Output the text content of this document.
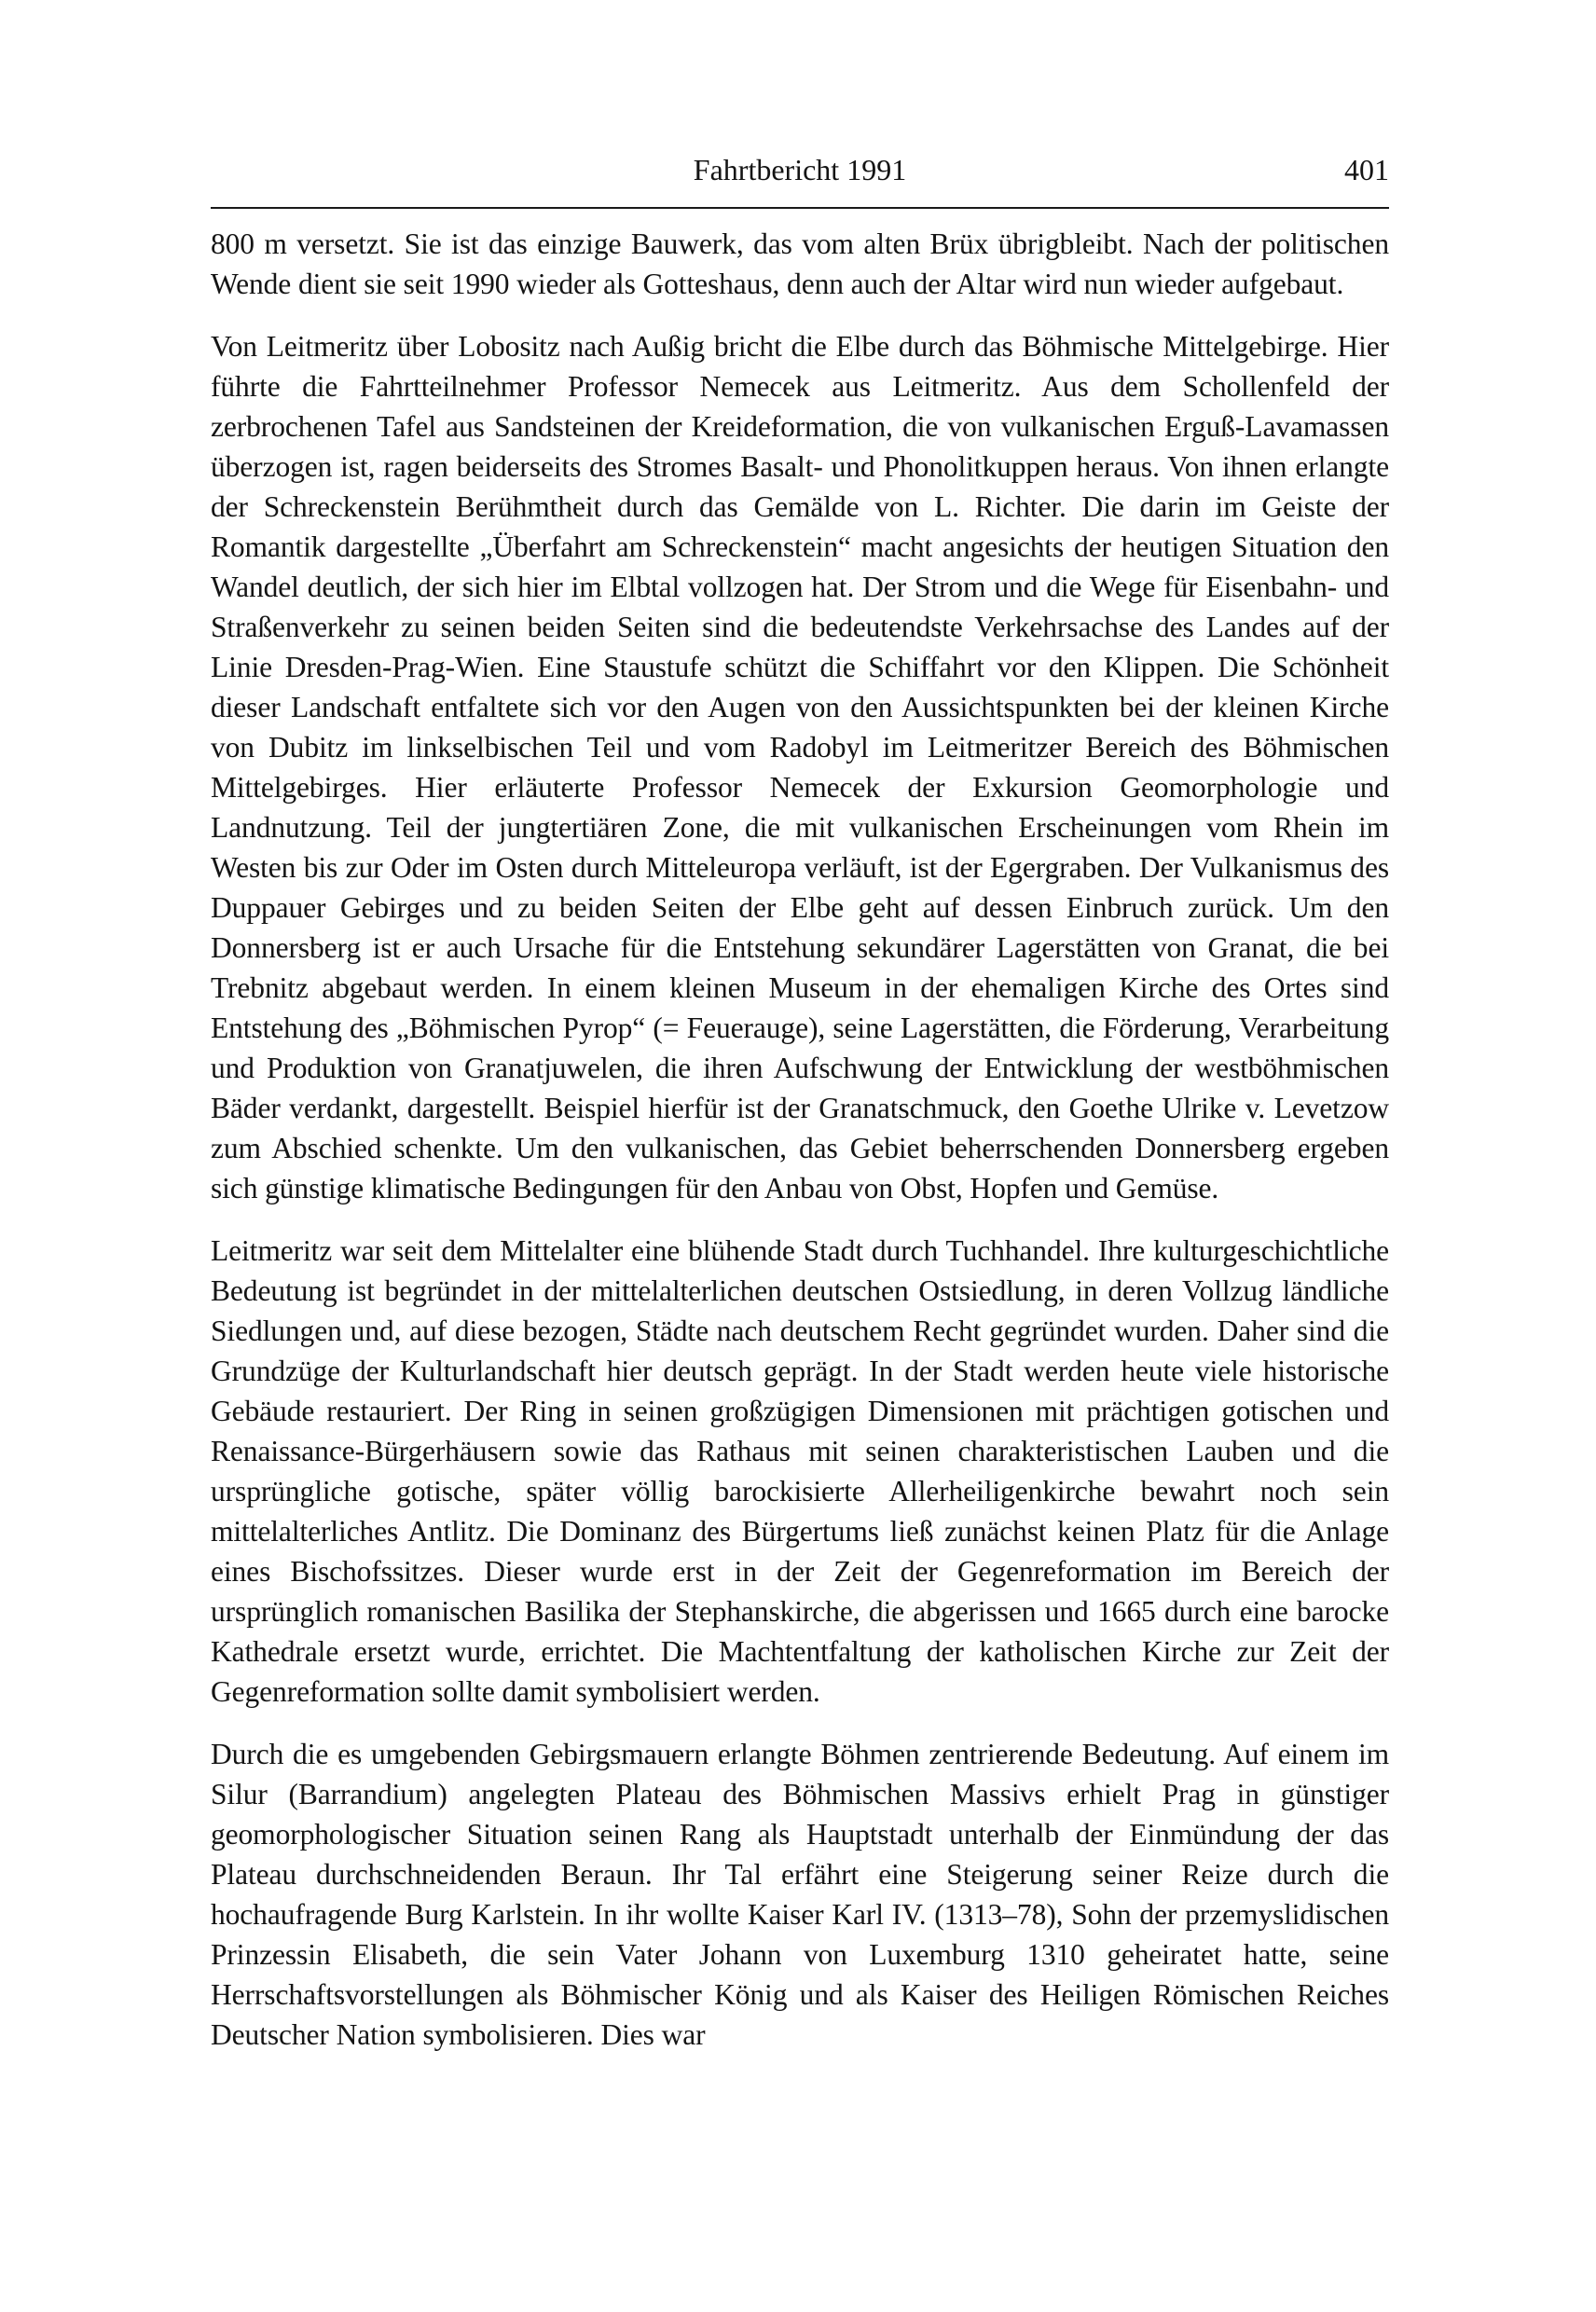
Fahrtbericht 1991	401

800 m versetzt. Sie ist das einzige Bauwerk, das vom alten Brüx übrigbleibt. Nach der politischen Wende dient sie seit 1990 wieder als Gotteshaus, denn auch der Altar wird nun wieder aufgebaut.

Von Leitmeritz über Lobositz nach Außig bricht die Elbe durch das Böhmische Mittelgebirge. Hier führte die Fahrtteilnehmer Professor Nemecek aus Leitmeritz. Aus dem Schollenfeld der zerbrochenen Tafel aus Sandsteinen der Kreideformation, die von vulkanischen Erguß-Lavamassen überzogen ist, ragen beiderseits des Stromes Basalt- und Phonolitkuppen heraus. Von ihnen erlangte der Schreckenstein Berühmtheit durch das Gemälde von L. Richter. Die darin im Geiste der Romantik dargestellte „Überfahrt am Schreckenstein“ macht angesichts der heutigen Situation den Wandel deutlich, der sich hier im Elbtal vollzogen hat. Der Strom und die Wege für Eisenbahn- und Straßenverkehr zu seinen beiden Seiten sind die bedeutendste Verkehrsachse des Landes auf der Linie Dresden-Prag-Wien. Eine Staustufe schützt die Schiffahrt vor den Klippen. Die Schönheit dieser Landschaft entfaltete sich vor den Augen von den Aussichtspunkten bei der kleinen Kirche von Dubitz im linkselbischen Teil und vom Radobyl im Leitmeritzer Bereich des Böhmischen Mittelgebirges. Hier erläuterte Professor Nemecek der Exkursion Geomorphologie und Landnutzung. Teil der jungtertiären Zone, die mit vulkanischen Erscheinungen vom Rhein im Westen bis zur Oder im Osten durch Mitteleuropa verläuft, ist der Egergraben. Der Vulkanismus des Duppauer Gebirges und zu beiden Seiten der Elbe geht auf dessen Einbruch zurück. Um den Donnersberg ist er auch Ursache für die Entstehung sekundärer Lagerstätten von Granat, die bei Trebnitz abgebaut werden. In einem kleinen Museum in der ehemaligen Kirche des Ortes sind Entstehung des „Böhmischen Pyrop“ (= Feuerauge), seine Lagerstätten, die Förderung, Verarbeitung und Produktion von Granatjuwelen, die ihren Aufschwung der Entwicklung der westböhmischen Bäder verdankt, dargestellt. Beispiel hierfür ist der Granatschmuck, den Goethe Ulrike v. Levetzow zum Abschied schenkte. Um den vulkanischen, das Gebiet beherrschenden Donnersberg ergeben sich günstige klimatische Bedingungen für den Anbau von Obst, Hopfen und Gemüse.

Leitmeritz war seit dem Mittelalter eine blühende Stadt durch Tuchhandel. Ihre kulturgeschichtliche Bedeutung ist begründet in der mittelalterlichen deutschen Ostsiedlung, in deren Vollzug ländliche Siedlungen und, auf diese bezogen, Städte nach deutschem Recht gegründet wurden. Daher sind die Grundzüge der Kulturlandschaft hier deutsch geprägt. In der Stadt werden heute viele historische Gebäude restauriert. Der Ring in seinen großzügigen Dimensionen mit prächtigen gotischen und Renaissance-Bürgerhäusern sowie das Rathaus mit seinen charakteristischen Lauben und die ursprüngliche gotische, später völlig barockisierte Allerheiligenkirche bewahrt noch sein mittelalterliches Antlitz. Die Dominanz des Bürgertums ließ zunächst keinen Platz für die Anlage eines Bischofssitzes. Dieser wurde erst in der Zeit der Gegenreformation im Bereich der ursprünglich romanischen Basilika der Stephanskirche, die abgerissen und 1665 durch eine barocke Kathedrale ersetzt wurde, errichtet. Die Machtentfaltung der katholischen Kirche zur Zeit der Gegenreformation sollte damit symbolisiert werden.

Durch die es umgebenden Gebirgsmauern erlangte Böhmen zentrierende Bedeutung. Auf einem im Silur (Barrandium) angelegten Plateau des Böhmischen Massivs erhielt Prag in günstiger geomorphologischer Situation seinen Rang als Hauptstadt unterhalb der Einmündung der das Plateau durchschneidenden Beraun. Ihr Tal erfährt eine Steigerung seiner Reize durch die hochaufragende Burg Karlstein. In ihr wollte Kaiser Karl IV. (1313–78), Sohn der przemyslidischen Prinzessin Elisabeth, die sein Vater Johann von Luxemburg 1310 geheiratet hatte, seine Herrschaftsvorstellungen als Böhmischer König und als Kaiser des Heiligen Römischen Reiches Deutscher Nation symbolisieren. Dies war
